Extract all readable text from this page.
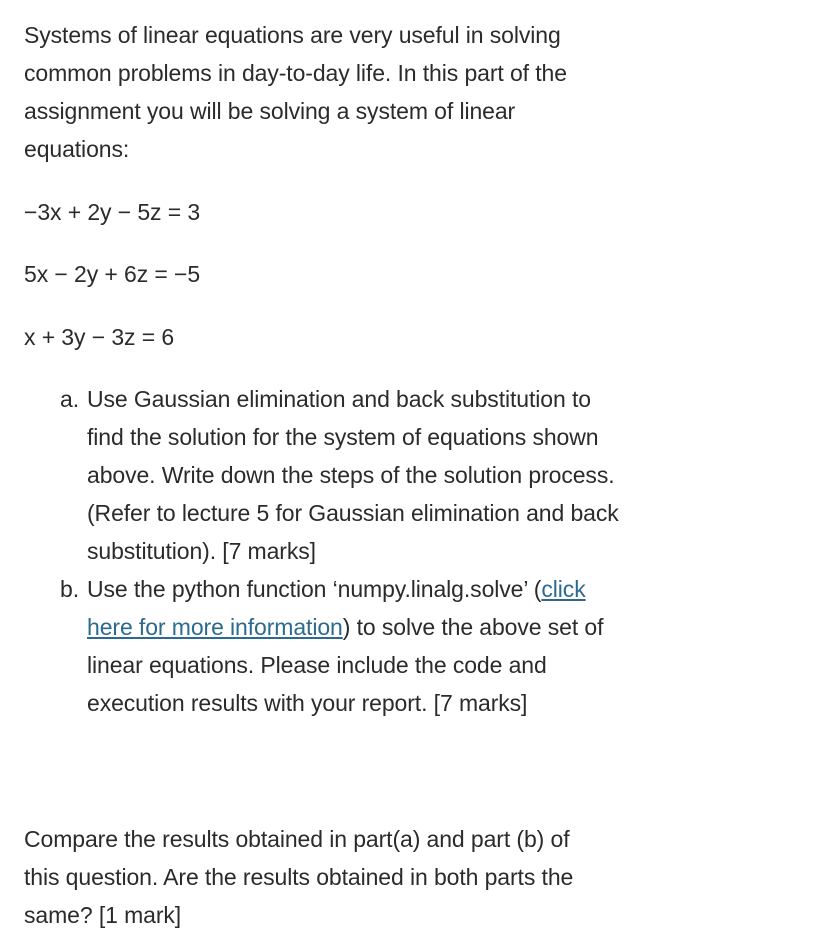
Systems of linear equations are very useful in solving common problems in day-to-day life. In this part of the assignment you will be solving a system of linear equations:

−3x + 2y − 5z = 3
5x − 2y + 6z = −5
x + 3y − 3z = 6
a. Use Gaussian elimination and back substitution to find the solution for the system of equations shown above. Write down the steps of the solution process. (Refer to lecture 5 for Gaussian elimination and back substitution). [7 marks]
b. Use the python function ‘numpy.linalg.solve’ (click here for more information) to solve the above set of linear equations. Please include the code and execution results with your report. [7 marks]

Compare the results obtained in part(a) and part (b) of this question. Are the results obtained in both parts the same? [1 mark]
